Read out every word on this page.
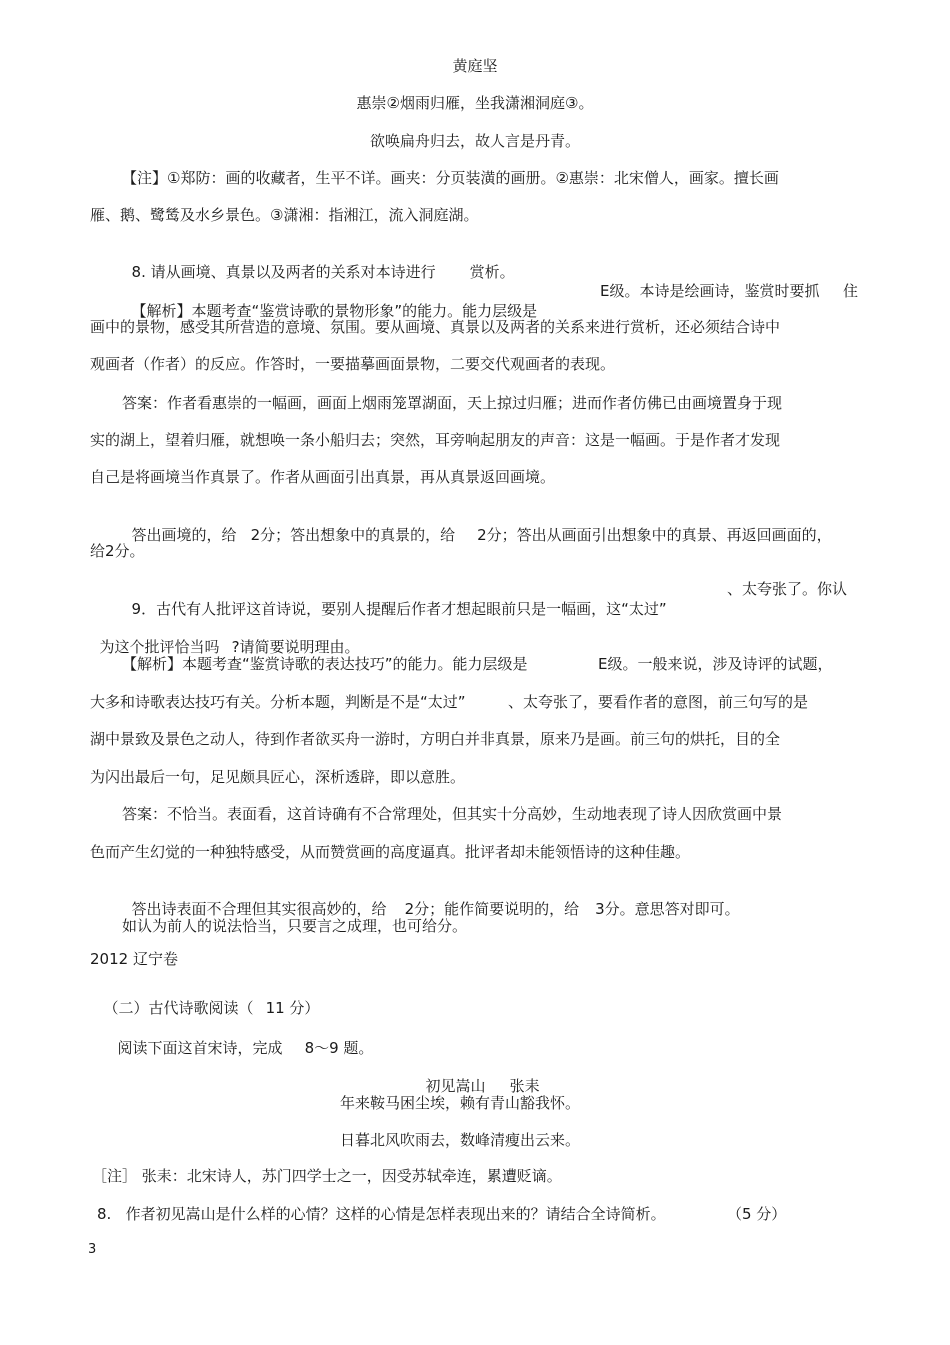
黄庭坚
惠崇②烟雨归雁，坐我潇湘洞庭③。
欲唤扁舟归去，故人言是丹青。
【注】①郑防：画的收藏者，生平不详。画夹：分页装潢的画册。②惠崇：北宋僧人，画家。擅长画
雁、鹅、鹭鸶及水乡景色。③潇湘：指湘江，流入洞庭湖。

8. 请从画境、真景以及两者的关系对本诗进行 赏析。

【解析】本题考查“鉴赏诗歌的景物形象”的能力。能力层级是

E级。本诗是绘画诗，鉴赏时要抓 住
画中的景物，感受其所营造的意境、氛围。要从画境、真景以及两者的关系来进行赏析，还必须结合诗中
观画者（作者）的反应。作答时，一要描摹画面景物，二要交代观画者的表现。
答案：作者看惠崇的一幅画，画面上烟雨笼罩湖面，天上掠过归雁；进而作者仿佛已由画境置身于现
实的湖上，望着归雁，就想唤一条小船归去；突然，耳旁响起朋友的声音：这是一幅画。于是作者才发现
自己是将画境当作真景了。作者从画面引出真景，再从真景返回画境。

答出画境的，给 2分；答出想象中的真景的，给 2分；答出从画面引出想象中的真景、再返回画面的，

给2分。

9．古代有人批评这首诗说，要别人提醒后作者才想起眼前只是一幅画，这“太过”

、太夸张了。你认

为这个批评恰当吗 ?请简要说明理由。

【解析】本题考查“鉴赏诗歌的表达技巧”的能力。能力层级是	E级。一般来说，涉及诗评的试题，
大多和诗歌表达技巧有关。分析本题，判断是不是“太过”	、太夸张了，要看作者的意图，前三句写的是
湖中景致及景色之动人，待到作者欲买舟一游时，方明白并非真景，原来乃是画。前三句的烘托，目的全
为闪出最后一句，足见颇具匠心，深析透辟，即以意胜。
答案：不恰当。表面看，这首诗确有不合常理处，但其实十分高妙，生动地表现了诗人因欣赏画中景
色而产生幻觉的一种独特感受，从而赞赏画的高度逼真。批评者却未能领悟诗的这种佳趣。

答出诗表面不合理但其实很高妙的，给 2分；能作简要说明的，给 3分。意思答对即可。

如认为前人的说法恰当，只要言之成理，也可给分。
2012 辽宁卷

（二）古代诗歌阅读（ 11 分）

阅读下面这首宋诗，完成 8～9 题。

初见嵩山 张耒

年来鞍马困尘埃，赖有青山豁我怀。
日暮北风吹雨去，数峰清瘦出云来。
［注］ 张耒：北宋诗人，苏门四学士之一，因受苏轼牵连，累遭贬谪。
8.   作者初见嵩山是什么样的心情？这样的心情是怎样表现出来的？请结合全诗简析。	（5 分）
3
